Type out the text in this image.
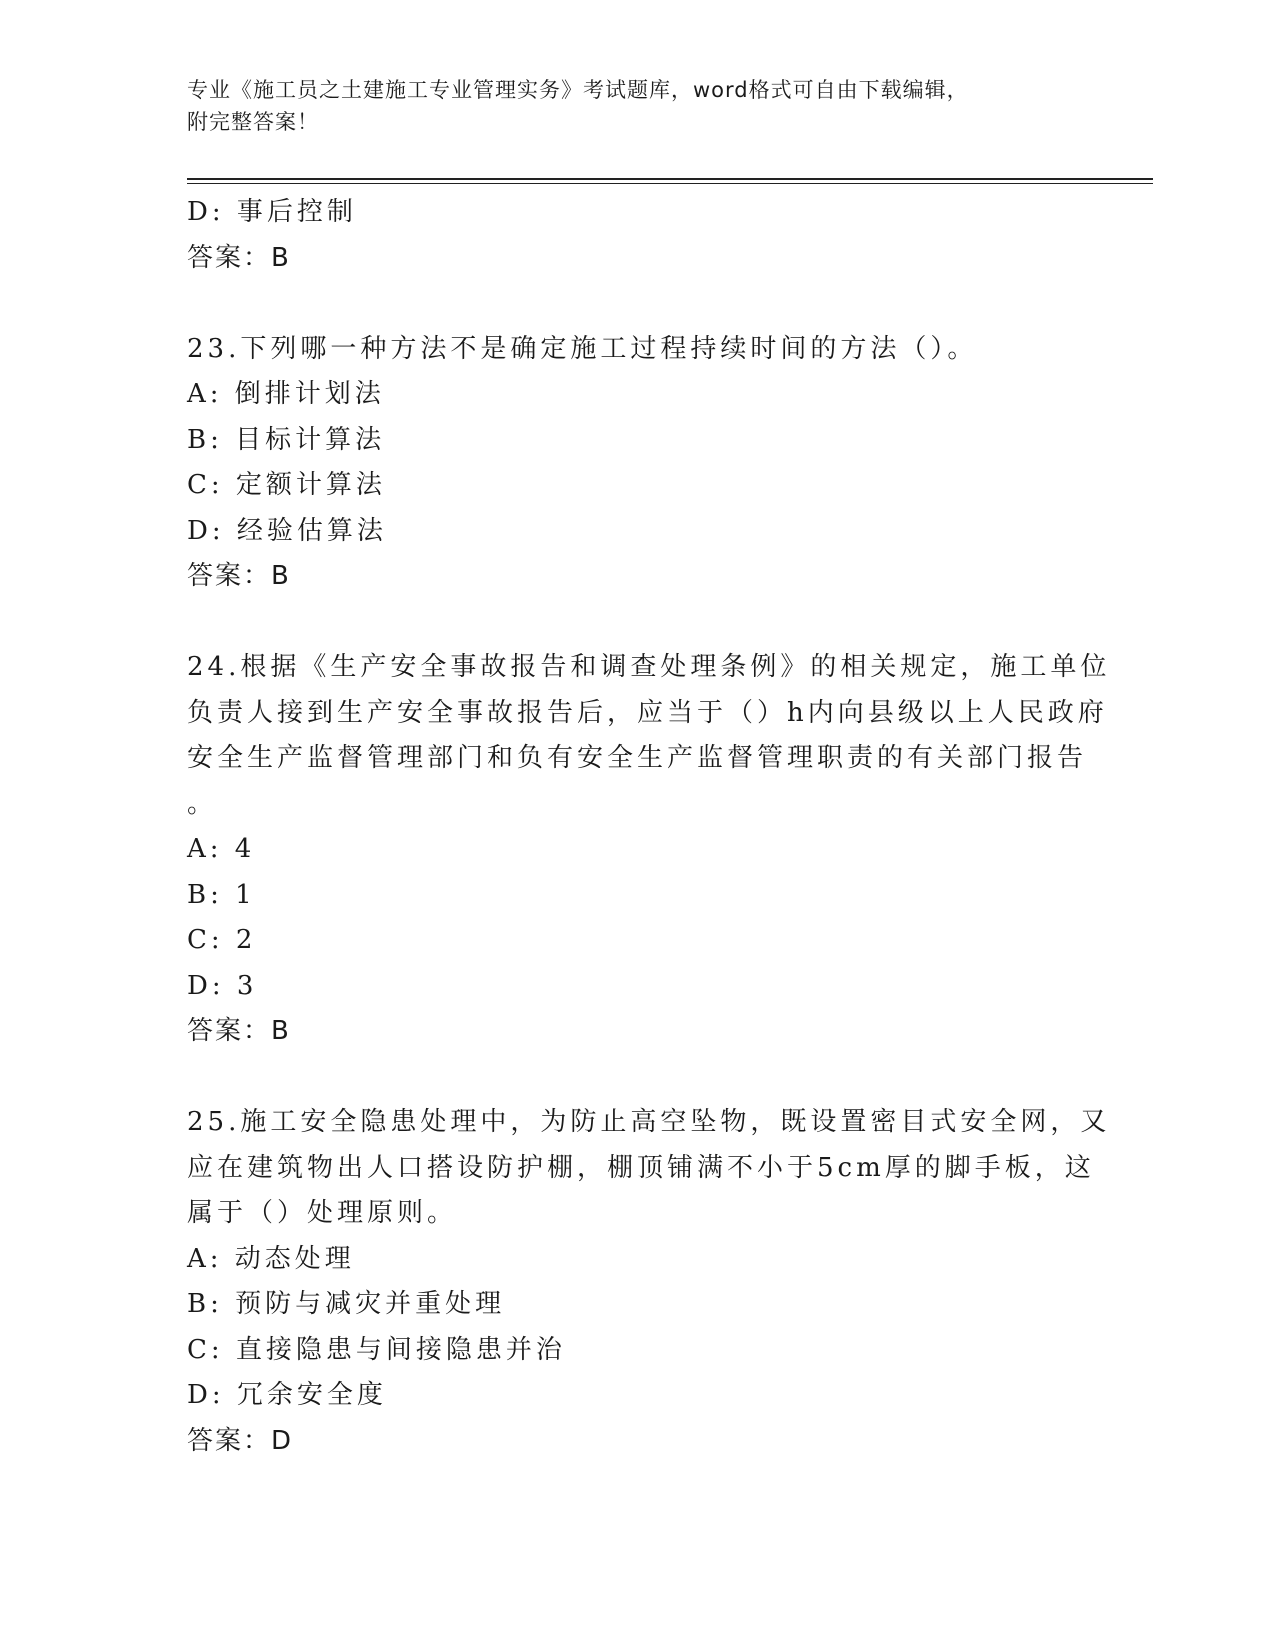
专业《施工员之土建施工专业管理实务》考试题库，word格式可自由下载编辑，
附完整答案！
D: 事后控制
答案：B
23.下列哪一种方法不是确定施工过程持续时间的方法（）。
A: 倒排计划法
B: 目标计算法
C: 定额计算法
D: 经验估算法
答案：B
24.根据《生产安全事故报告和调查处理条例》的相关规定，施工单位
负责人接到生产安全事故报告后，应当于（）h内向县级以上人民政府
安全生产监督管理部门和负有安全生产监督管理职责的有关部门报告
。
A: 4
B: 1
C: 2
D: 3
答案：B
25.施工安全隐患处理中，为防止高空坠物，既设置密目式安全网，又
应在建筑物出人口搭设防护棚，棚顶铺满不小于5cm厚的脚手板，这
属于（）处理原则。
A: 动态处理
B: 预防与减灾并重处理
C: 直接隐患与间接隐患并治
D: 冗余安全度
答案：D
